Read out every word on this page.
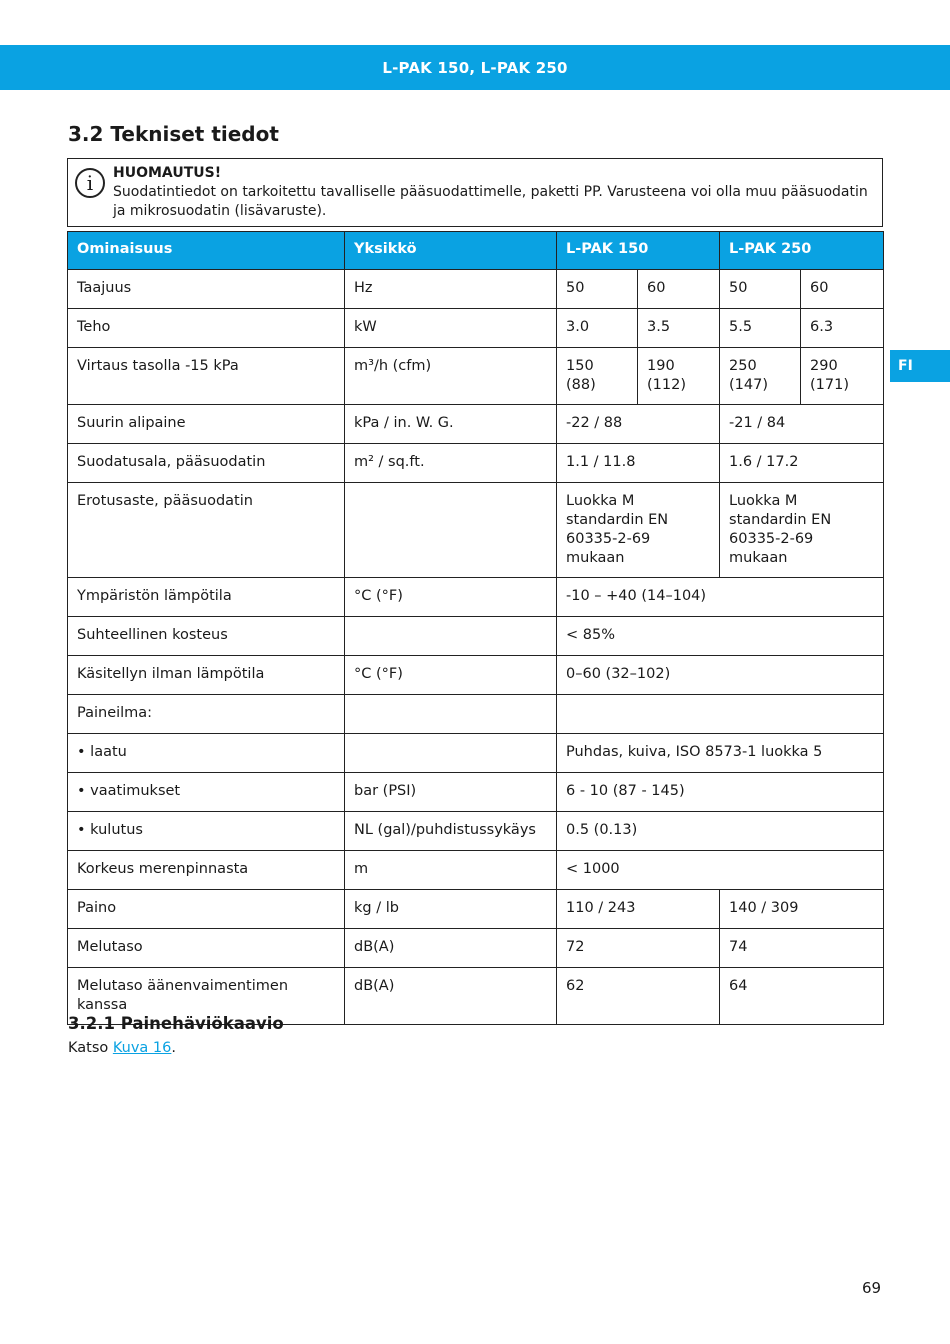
L-PAK 150, L-PAK 250
FI
3.2 Tekniset tiedot
i	HUOMAUTUS!
Suodatintiedot on tarkoitettu tavalliselle pääsuodattimelle, paketti PP. Varusteena voi olla muu pääsuodatin ja mikrosuodatin (lisävaruste).
Ominaisuus	Yksikkö	L-PAK 150		L-PAK 250	
Taajuus	Hz	50	60	50	60
Teho	kW	3.0	3.5	5.5	6.3
Virtaus tasolla -15 kPa	m³/h (cfm)	150 (88)	190 (112)	250 (147)	290 (171)
Suurin alipaine	kPa / in. W. G.	-22 / 88		-21 / 84	
Suodatusala, pääsuodatin	m² / sq.ft.	1.1 / 11.8		1.6 / 17.2	
Erotusaste, pääsuodatin		Luokka M standardin EN 60335-2-69 mukaan		Luokka M standardin EN 60335-2-69 mukaan	
Ympäristön lämpötila	°C (°F)	-10 – +40 (14–104)			
Suhteellinen kosteus		< 85%			
Käsitellyn ilman lämpötila	°C (°F)	0–60 (32–102)			
Paineilma:					
• laatu		Puhdas, kuiva, ISO 8573-1 luokka 5			
• vaatimukset	bar (PSI)	6 - 10 (87 - 145)			
• kulutus	NL (gal)/puhdistussykäys	0.5 (0.13)			
Korkeus merenpinnasta	m	< 1000			
Paino	kg / lb	110 / 243		140 / 309	
Melutaso	dB(A)	72		74	
Melutaso äänenvaimentimen kanssa	dB(A)	62		64	
3.2.1 Painehäviökaavio
Katso Kuva 16.
69
